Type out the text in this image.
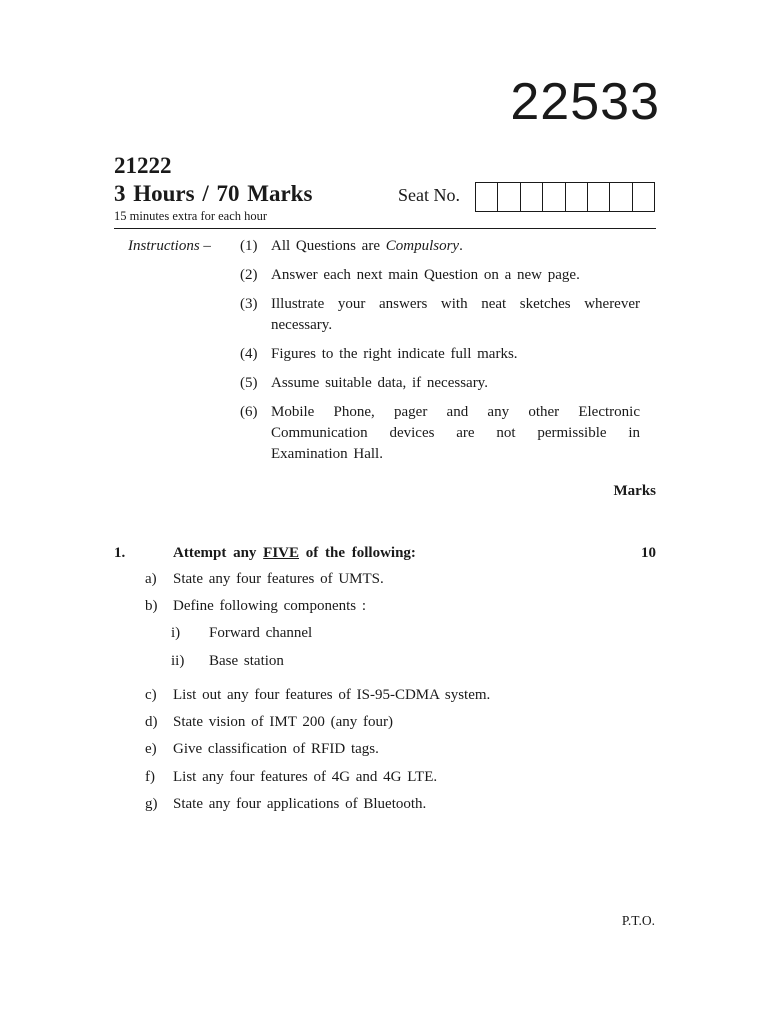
22533
21222
3 Hours / 70 Marks
15 minutes extra for each hour
Seat No.
Instructions – (1) All Questions are Compulsory.
(2) Answer each next main Question on a new page.
(3) Illustrate your answers with neat sketches wherever necessary.
(4) Figures to the right indicate full marks.
(5) Assume suitable data, if necessary.
(6) Mobile Phone, pager and any other Electronic Communication devices are not permissible in Examination Hall.
Marks
1.	Attempt any FIVE of the following:	10
a)	State any four features of UMTS.
b)	Define following components :
i)	Forward channel
ii)	Base station
c)	List out any four features of IS-95-CDMA system.
d)	State vision of IMT 200 (any four)
e)	Give classification of RFID tags.
f)	List any four features of 4G and 4G LTE.
g)	State any four applications of Bluetooth.
P.T.O.
